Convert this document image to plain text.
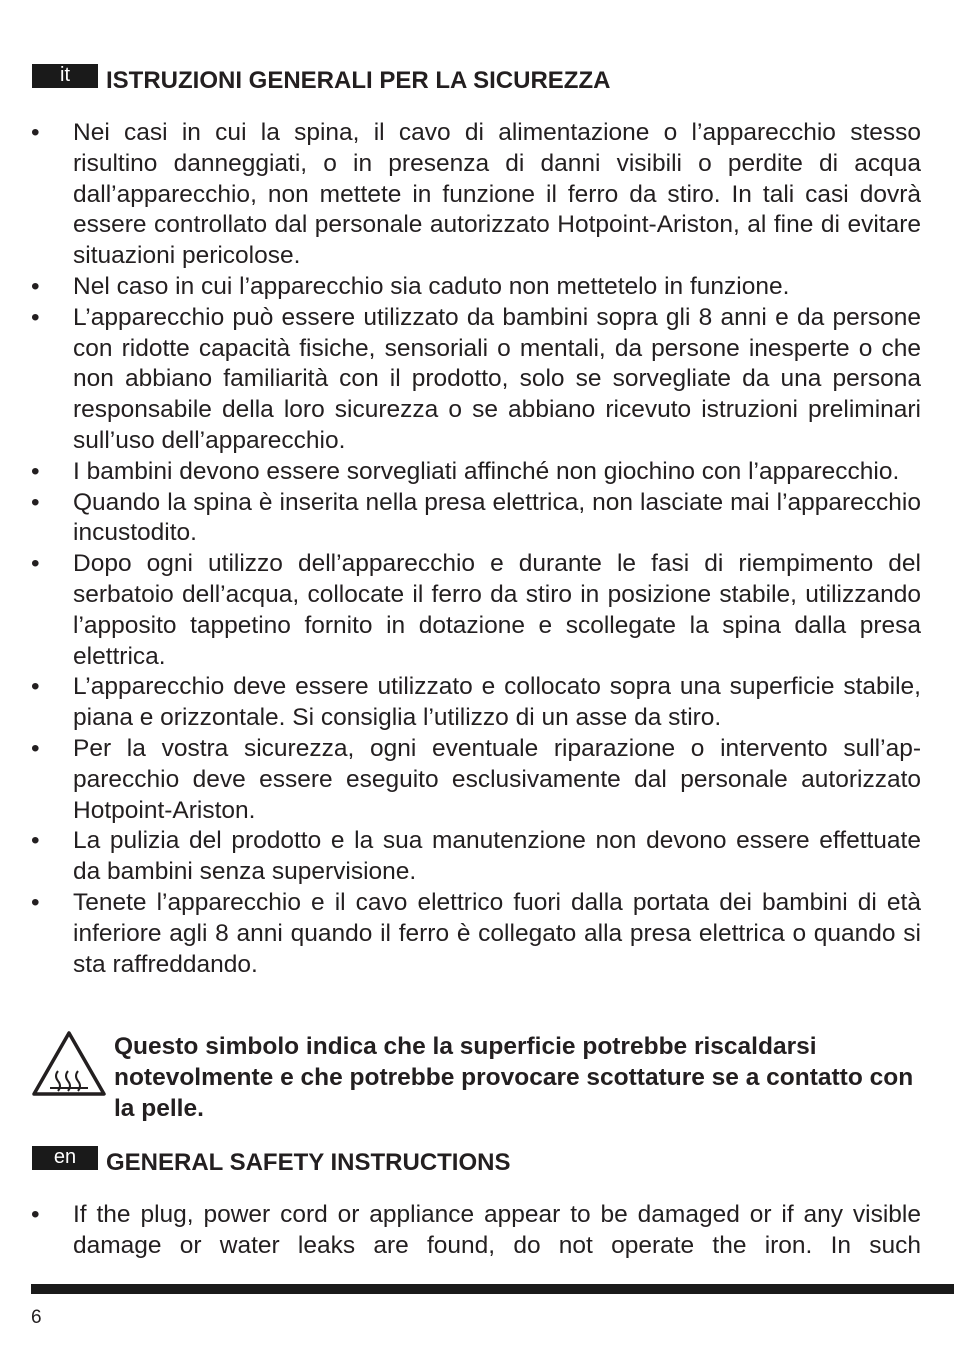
it	ISTRUZIONI GENERALI PER LA SICUREZZA
• Nei casi in cui la spina, il cavo di alimentazione o l’apparecchio stesso risultino danneggiati, o in presenza di danni visibili o perdite di acqua dall’apparecchio, non mettete in funzione il ferro da stiro. In tali casi dovrà essere controllato dal personale autorizzato Hotpoint-Ariston, al fine di evitare situazioni pericolose.
• Nel caso in cui l’apparecchio sia caduto non mettetelo in funzione.
• L’apparecchio può essere utilizzato da bambini sopra gli 8 anni e da persone con ridotte capacità fisiche, sensoriali o mentali, da persone inesperte o che non abbiano familiarità con il prodotto, solo se sorvegliate da una persona responsabile della loro sicurezza o se abbiano ricevuto istruzioni preliminari sull’uso dell’apparecchio.
• I bambini devono essere sorvegliati affinché non giochino con l’apparecchio.
• Quando la spina è inserita nella presa elettrica, non lasciate mai l’apparecchio incustodito.
• Dopo ogni utilizzo dell’apparecchio e durante le fasi di riempimento del serbatoio dell’acqua, collocate il ferro da stiro in posizione stabile, utilizzando l’apposito tappetino fornito in dotazione e scollegate la spina dalla presa elettrica.
• L’apparecchio deve essere utilizzato e collocato sopra una superficie stabile, piana e orizzontale. Si consiglia l’utilizzo di un asse da stiro.
• Per la vostra sicurezza, ogni eventuale riparazione o intervento sull’apparecchio deve essere eseguito esclusivamente dal personale autorizzato Hotpoint-Ariston.
• La pulizia del prodotto e la sua manutenzione non devono essere effettuate da bambini senza supervisione.
• Tenete l’apparecchio e il cavo elettrico fuori dalla portata dei bambini di età inferiore agli 8 anni quando il ferro è collegato alla presa elettrica o quando si sta raffreddando.
Questo simbolo indica che la superficie potrebbe riscaldarsi notevolmente e che potrebbe provocare scottature se a contatto con la pelle.
en	GENERAL SAFETY INSTRUCTIONS
• If the plug, power cord or appliance appear to be damaged or if any visible damage or water leaks are found, do not operate the iron. In such
6
